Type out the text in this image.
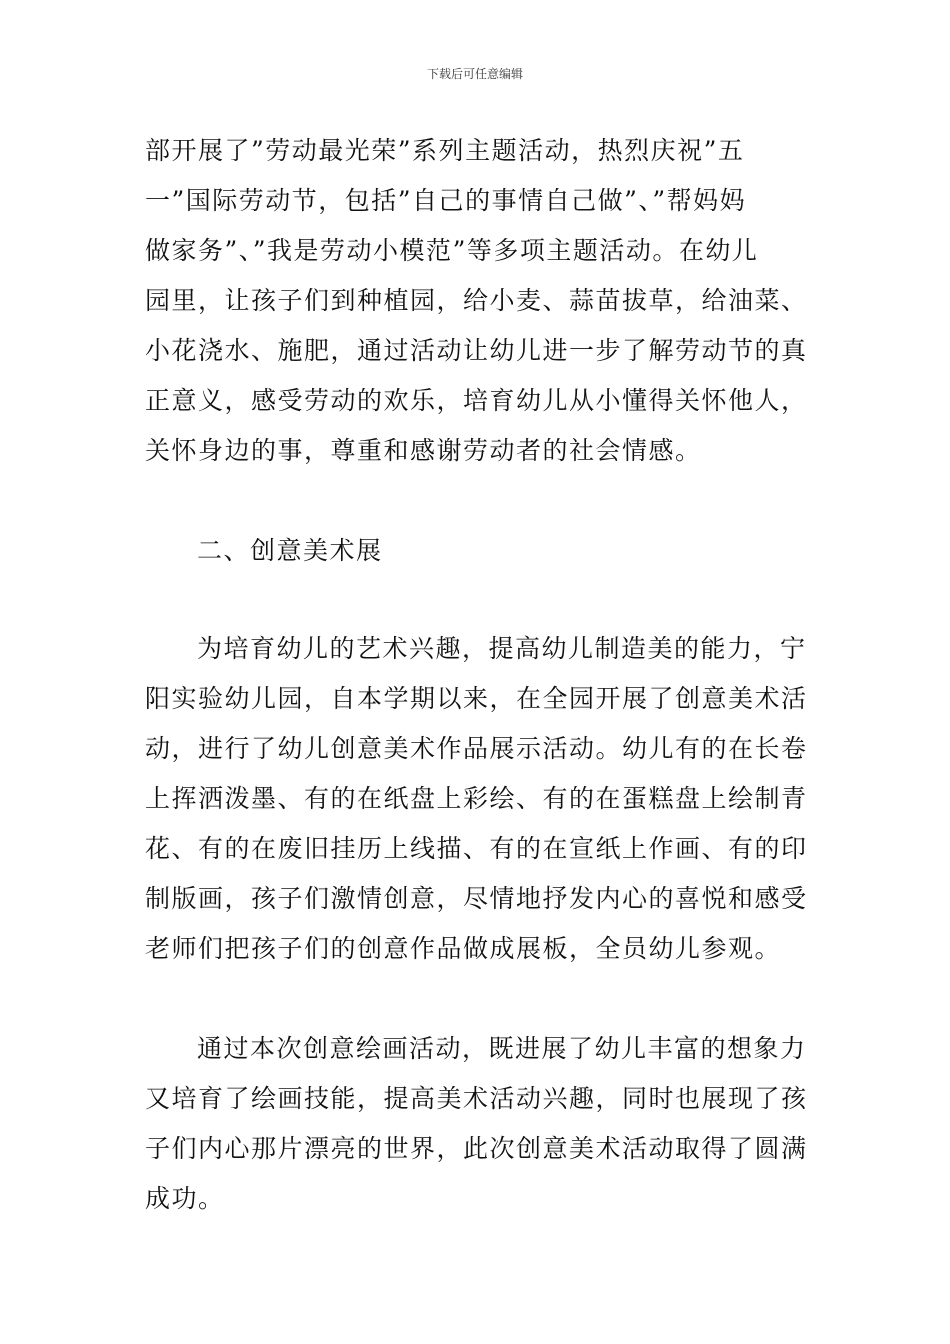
下载后可任意编辑
部开展了”劳动最光荣”系列主题活动，热烈庆祝”五
一”国际劳动节，包括”自己的事情自己做”、”帮妈妈
做家务”、”我是劳动小模范”等多项主题活动。在幼儿
园里，让孩子们到种植园，给小麦、蒜苗拔草，给油菜、
小花浇水、施肥，通过活动让幼儿进一步了解劳动节的真
正意义，感受劳动的欢乐，培育幼儿从小懂得关怀他人，
关怀身边的事，尊重和感谢劳动者的社会情感。
二、创意美术展
为培育幼儿的艺术兴趣，提高幼儿制造美的能力，宁
阳实验幼儿园，自本学期以来，在全园开展了创意美术活
动，进行了幼儿创意美术作品展示活动。幼儿有的在长卷
上挥洒泼墨、有的在纸盘上彩绘、有的在蛋糕盘上绘制青
花、有的在废旧挂历上线描、有的在宣纸上作画、有的印
制版画，孩子们激情创意，尽情地抒发内心的喜悦和感受
老师们把孩子们的创意作品做成展板，全员幼儿参观。
通过本次创意绘画活动，既进展了幼儿丰富的想象力
又培育了绘画技能，提高美术活动兴趣，同时也展现了孩
子们内心那片漂亮的世界，此次创意美术活动取得了圆满
成功。
